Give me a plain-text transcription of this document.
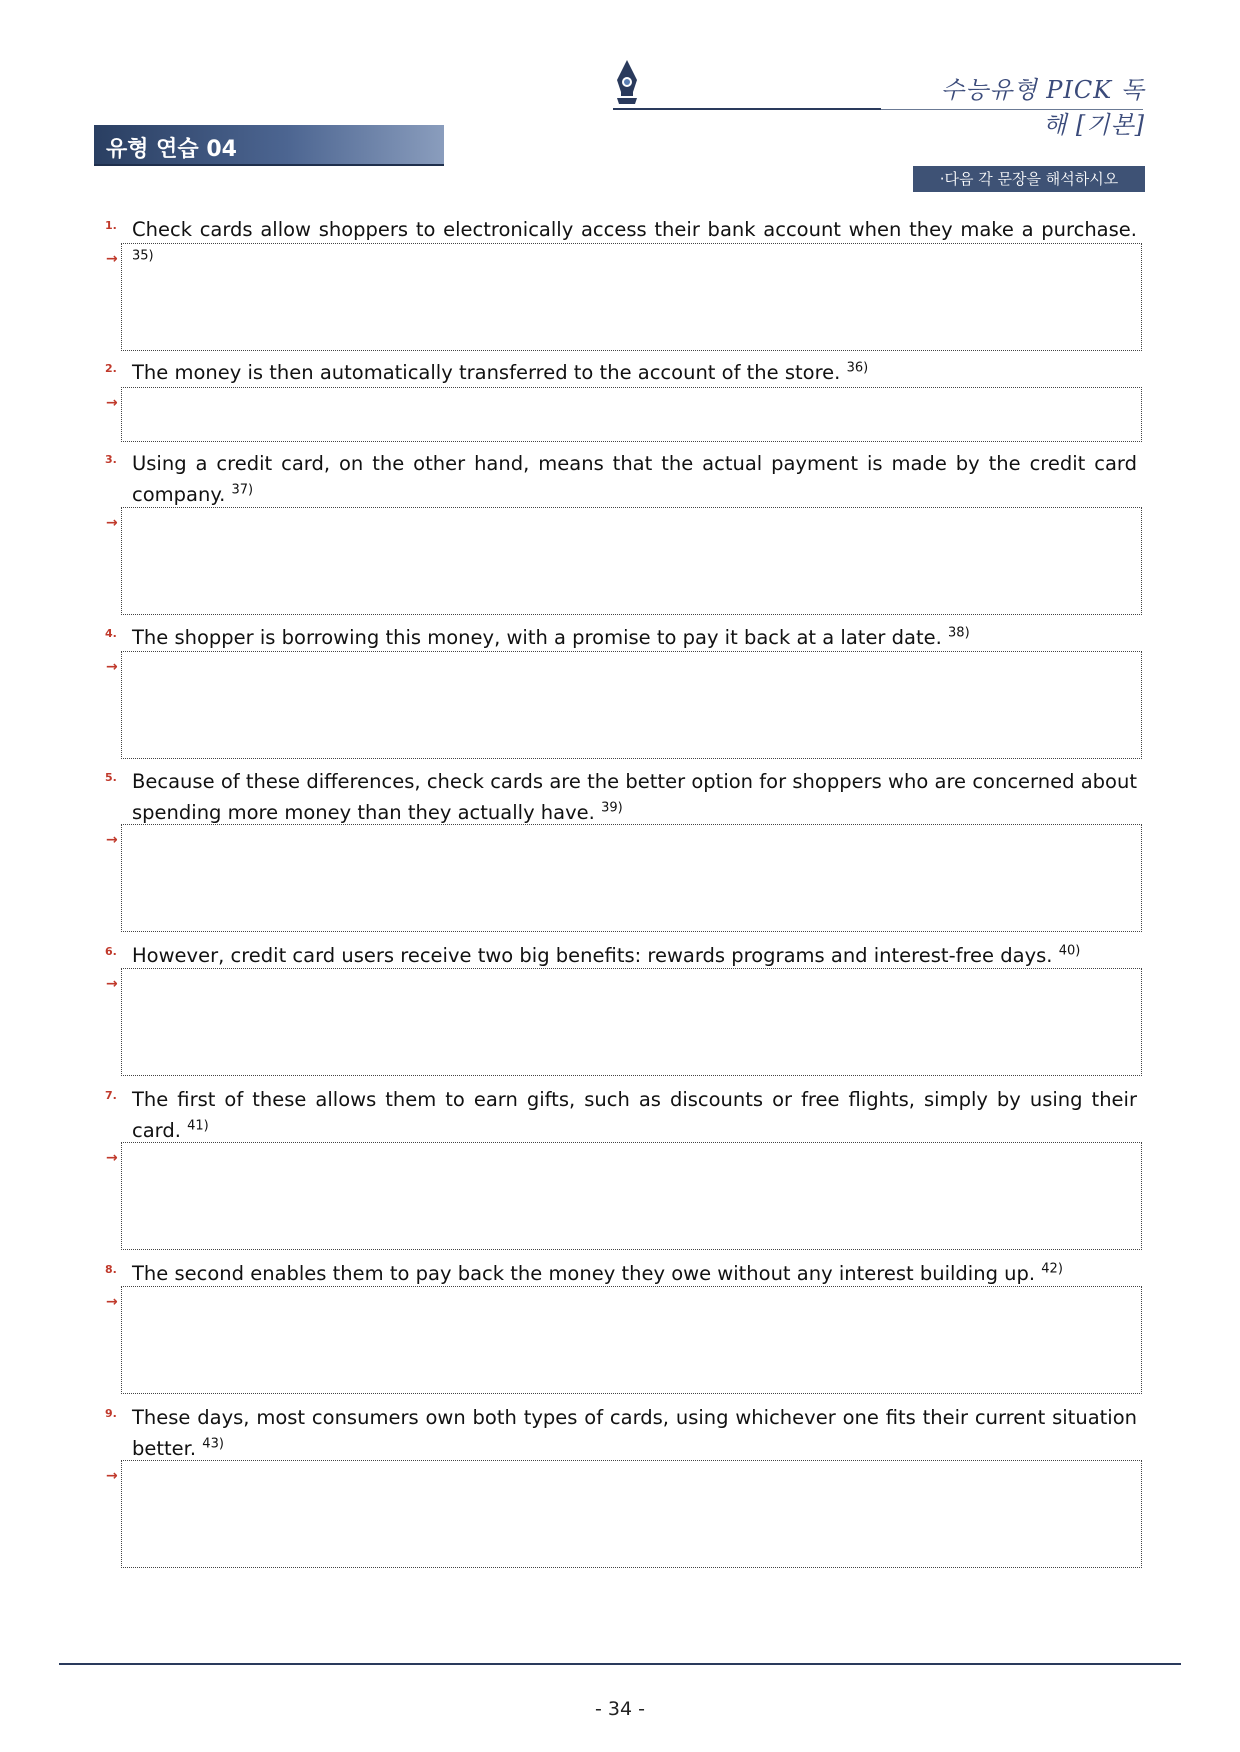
수능유형 PICK 독해 [기본]
유형 연습 04
·다음 각 문장을 해석하시오
1. Check cards allow shoppers to electronically access their bank account when they make a purchase. $^{35)}$
→
2. The money is then automatically transferred to the account of the store. $^{36)}$
→
3. Using a credit card, on the other hand, means that the actual payment is made by the credit card company. $^{37)}$
→
4. The shopper is borrowing this money, with a promise to pay it back at a later date. $^{38)}$
→
5. Because of these differences, check cards are the better option for shoppers who are concerned about spending more money than they actually have. $^{39)}$
→
6. However, credit card users receive two big benefits: rewards programs and interest-free days. $^{40)}$
→
7. The first of these allows them to earn gifts, such as discounts or free flights, simply by using their card. $^{41)}$
→
8. The second enables them to pay back the money they owe without any interest building up. $^{42)}$
→
9. These days, most consumers own both types of cards, using whichever one fits their current situation better. $^{43)}$
→
- 34 -
